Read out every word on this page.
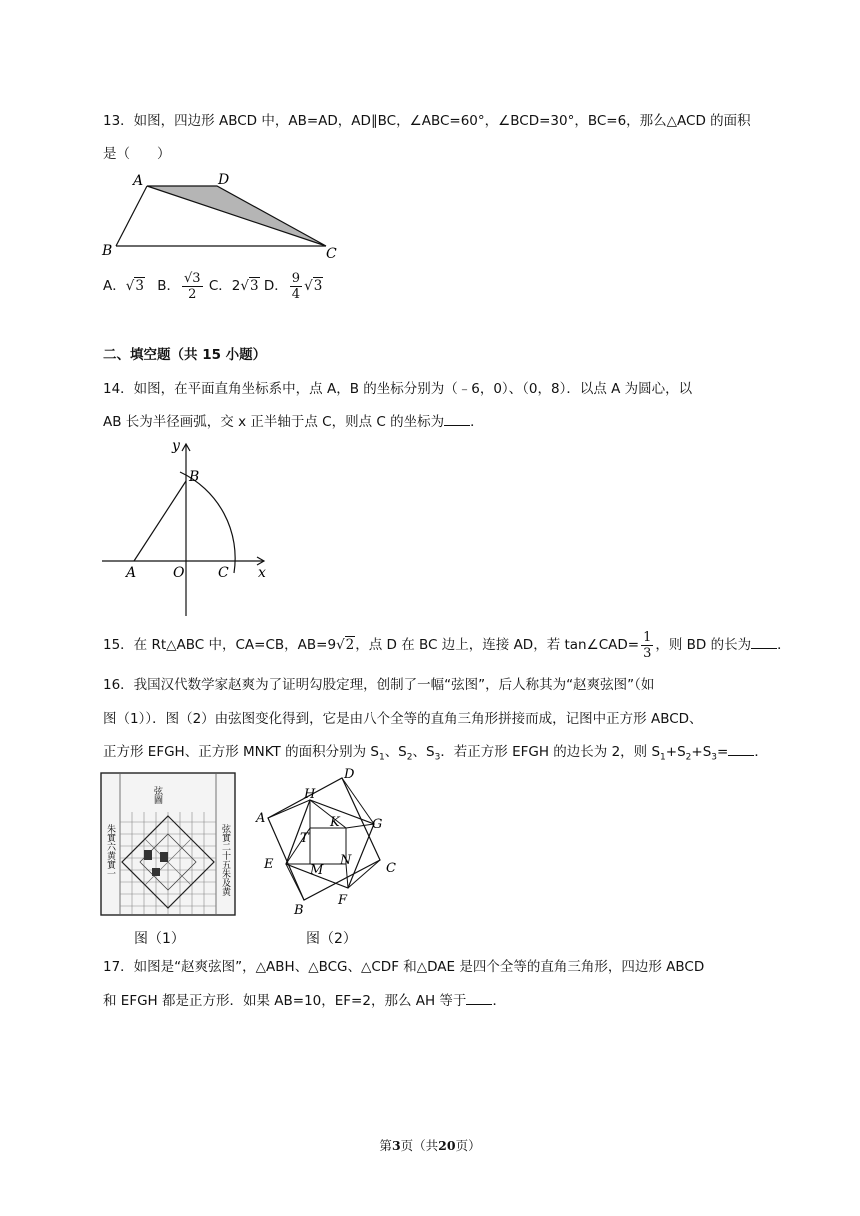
13．如图，四边形 ABCD 中，AB=AD，AD∥BC，∠ABC=60°，∠BCD=30°，BC=6，那么△ACD 的面积
是（　　）
A	D
B	C
A．√3 B． $\frac{√3}{2}$ C．2√3 D． $\frac{9}{4} √3$
二、填空题（共 15 小题）
14．如图，在平面直角坐标系中，点 A，B 的坐标分别为（﹣6，0）、（0，8）．以点 A 为圆心，以
AB 长为半径画弧，交 x 正半轴于点 C，则点 C 的坐标为 ．
y
B
A	O C x
15．在 Rt△ABC 中，CA=CB，AB=9√2，点 D 在 BC 边上，连接 AD，若 tan∠CAD= $\frac{1}{3}$ ，则 BD 的长为 ．
16．我国汉代数学家赵爽为了证明勾股定理，创制了一幅“弦图”，后人称其为“赵爽弦图”（如
图（1））．图（2）由弦图变化得到，它是由八个全等的直角三角形拼接而成，记图中正方形 ABCD、
正方形 EFGH、正方形 MNKT 的面积分别为 $S_1$、$S_2$、$S_3$．若正方形 EFGH 的边长为 2，则 $S_1+S_2+S_3=$ ．
弦圖
朱實六黄實一	弦實二十五朱及黄
图（1）
H
D
A	G
K
T
E	M
N
C
F
B
图（2）
17．如图是“赵爽弦图”，△ABH、△BCG、△CDF 和△DAE 是四个全等的直角三角形，四边形 ABCD
和 EFGH 都是正方形．如果 AB=10，EF=2，那么 AH 等于 ．
第3页（共20页）
